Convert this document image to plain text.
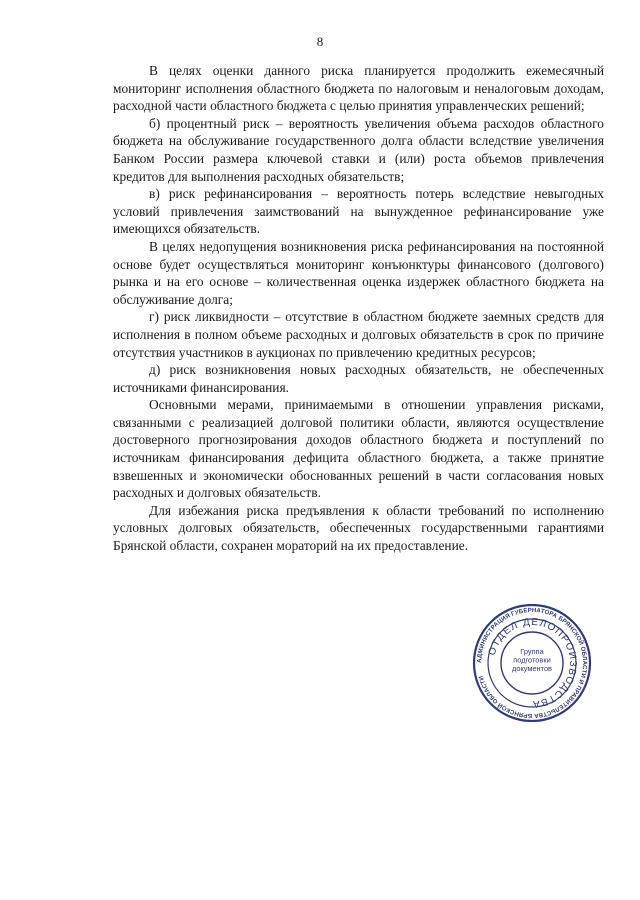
8

В целях оценки данного риска планируется продолжить ежемесячный мониторинг исполнения областного бюджета по налоговым и неналоговым доходам, расходной части областного бюджета с целью принятия управленческих решений;

б) процентный риск – вероятность увеличения объема расходов областного бюджета на обслуживание государственного долга области вследствие увеличения Банком России размера ключевой ставки и (или) роста объемов привлечения кредитов для выполнения расходных обязательств;

в) риск рефинансирования – вероятность потерь вследствие невыгодных условий привлечения заимствований на вынужденное рефинансирование уже имеющихся обязательств.

В целях недопущения возникновения риска рефинансирования на постоянной основе будет осуществляться мониторинг конъюнктуры финансового (долгового) рынка и на его основе – количественная оценка издержек областного бюджета на обслуживание долга;

г) риск ликвидности – отсутствие в областном бюджете заемных средств для исполнения в полном объеме расходных и долговых обязательств в срок по причине отсутствия участников в аукционах по привлечению кредитных ресурсов;

д) риск возникновения новых расходных обязательств, не обеспеченных источниками финансирования.

Основными мерами, принимаемыми в отношении управления рисками, связанными с реализацией долговой политики области, являются осуществление достоверного прогнозирования доходов областного бюджета и поступлений по источникам финансирования дефицита областного бюджета, а также принятие взвешенных и экономически обоснованных решений в части согласования новых расходных и долговых обязательств.

Для избежания риска предъявления к области требований по исполнению условных долговых обязательств, обеспеченных государственными гарантиями Брянской области, сохранен мораторий на их предоставление.

АДМИНИСТРАЦИЯ ГУБЕРНАТОРА БРЯНСКОЙ ОБЛАСТИ И ПРАВИТЕЛЬСТВА БРЯНСКОЙ ОБЛАСТИ
ОТДЕЛ ДЕЛОПРОИЗВОДСТВА
Группа подготовки документов
